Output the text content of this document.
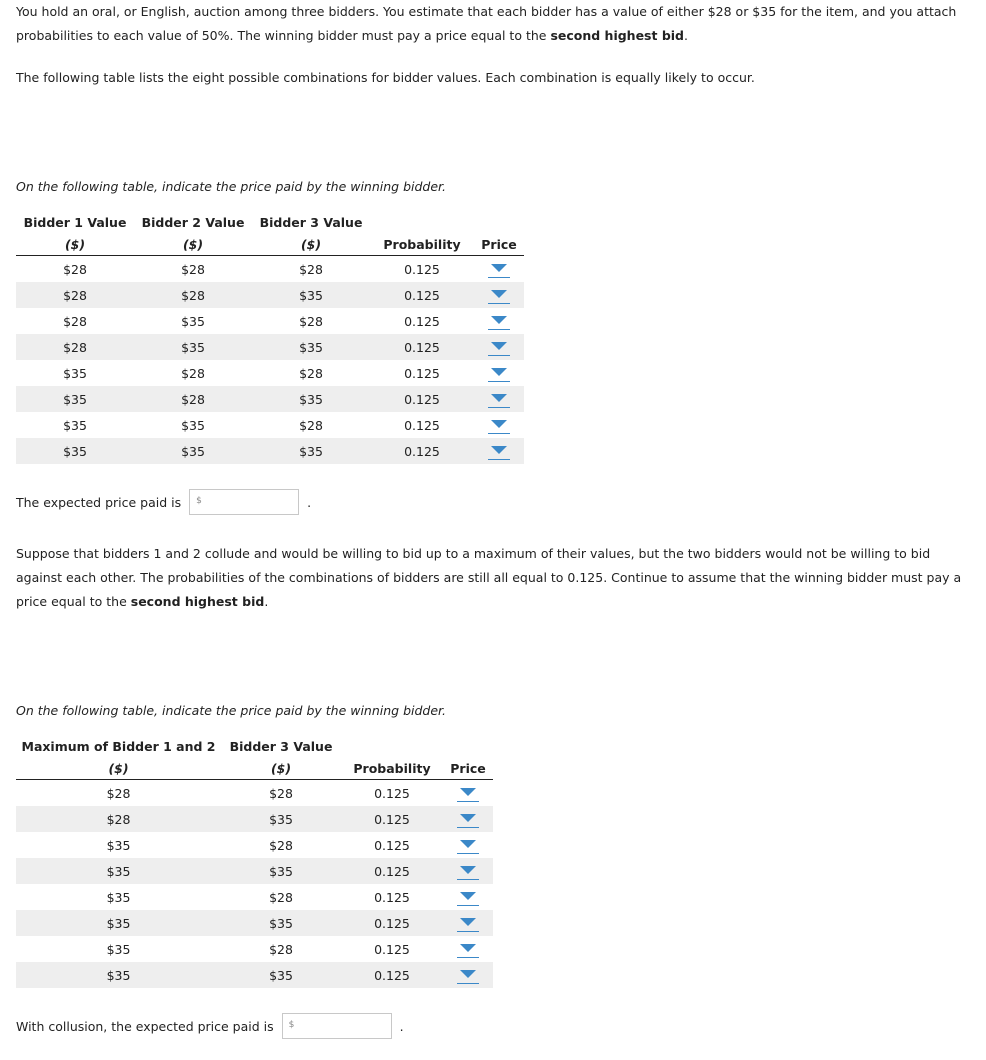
You hold an oral, or English, auction among three bidders. You estimate that each bidder has a value of either $28 or $35 for the item, and you attach probabilities to each value of 50%. The winning bidder must pay a price equal to the second highest bid.
The following table lists the eight possible combinations for bidder values. Each combination is equally likely to occur.
On the following table, indicate the price paid by the winning bidder.
Bidder 1 Value	Bidder 2 Value	Bidder 3 Value		
($)	($)	($)	Probability	Price
$28	$28	$28	0.125	

$28	$28	$35	0.125	

$28	$35	$28	0.125	

$28	$35	$35	0.125	

$35	$28	$28	0.125	

$35	$28	$35	0.125	

$35	$35	$28	0.125	

$35	$35	$35	0.125	
The expected price paid is $	.
Suppose that bidders 1 and 2 collude and would be willing to bid up to a maximum of their values, but the two bidders would not be willing to bid against each other. The probabilities of the combinations of bidders are still all equal to 0.125. Continue to assume that the winning bidder must pay a price equal to the second highest bid.
On the following table, indicate the price paid by the winning bidder.
Maximum of Bidder 1 and 2	Bidder 3 Value		
($)	($)	Probability	Price
$28	$28	0.125	

$28	$35	0.125	

$35	$28	0.125	

$35	$35	0.125	

$35	$28	0.125	

$35	$35	0.125	

$35	$28	0.125	

$35	$35	0.125	
With collusion, the expected price paid is $	.
